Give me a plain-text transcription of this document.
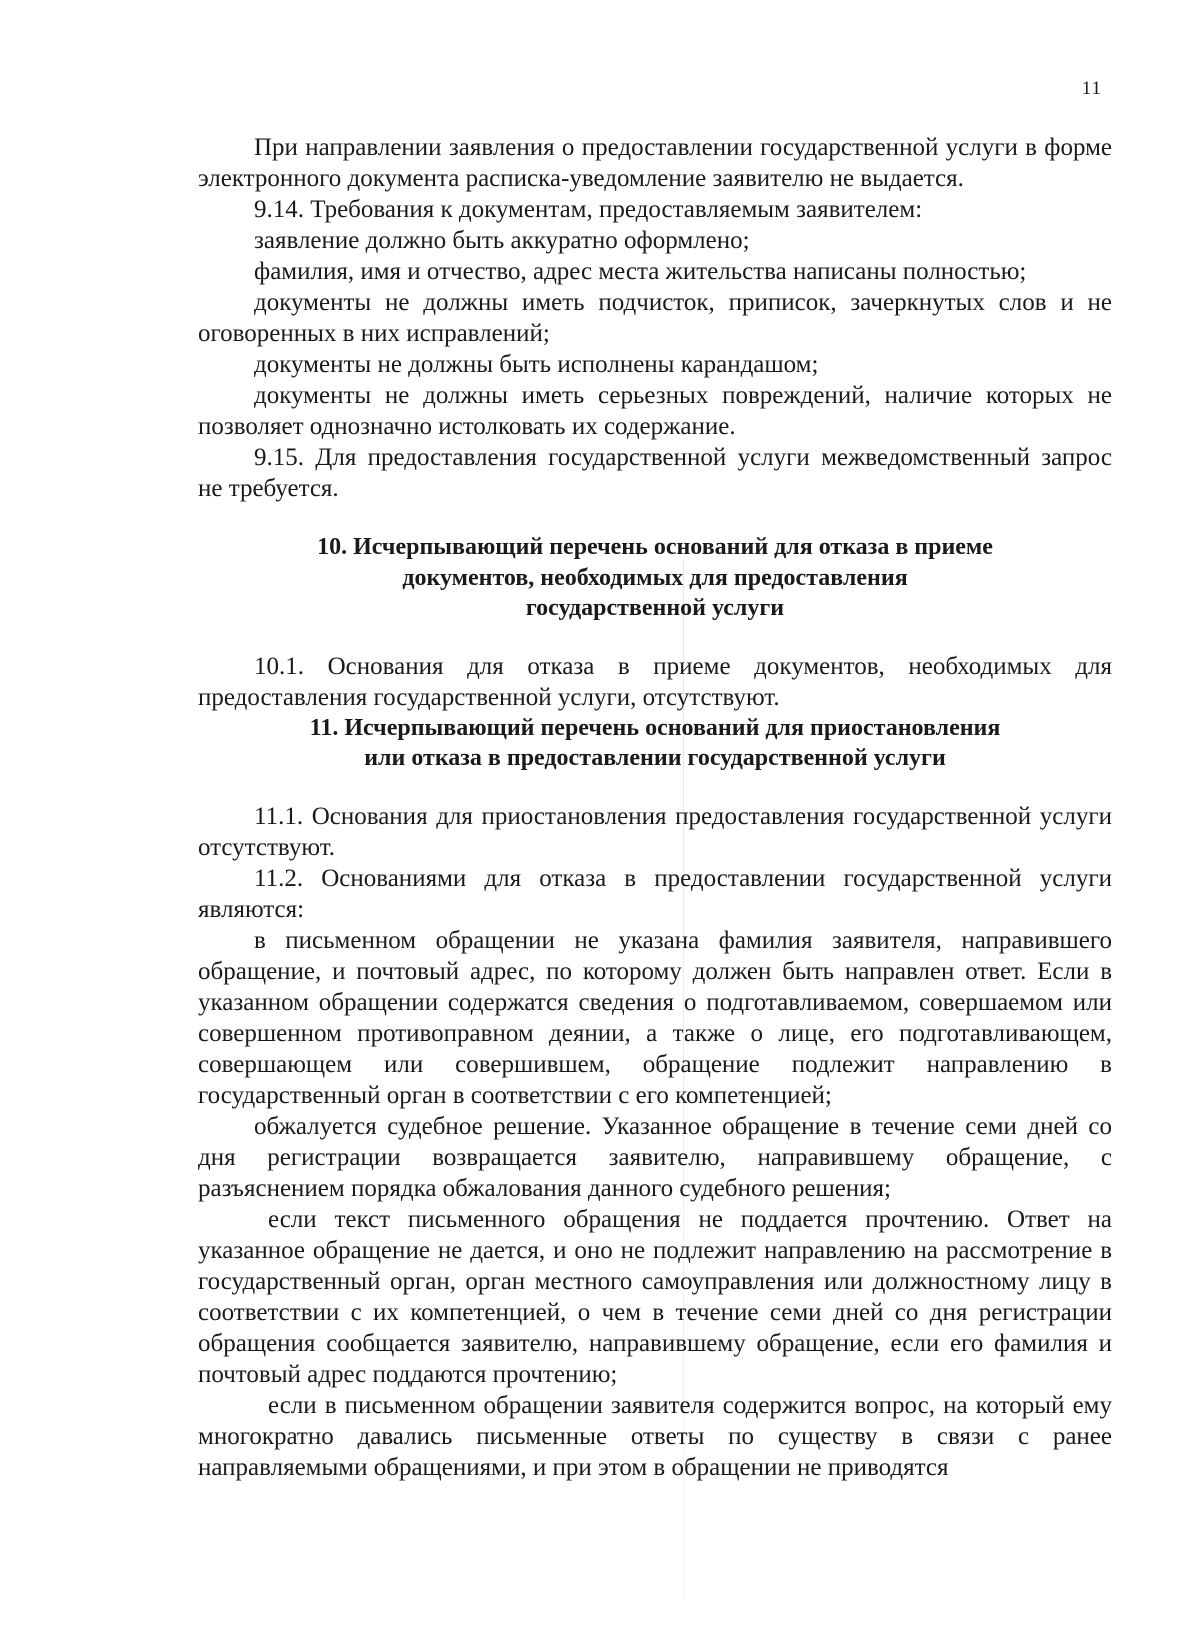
11

При направлении заявления о предоставлении государственной услуги в форме электронного документа расписка-уведомление заявителю не выдается.

9.14. Требования к документам, предоставляемым заявителем:

заявление должно быть аккуратно оформлено;

фамилия, имя и отчество, адрес места жительства написаны полностью;

документы не должны иметь подчисток, приписок, зачеркнутых слов и не оговоренных в них исправлений;

документы не должны быть исполнены карандашом;

документы не должны иметь серьезных повреждений, наличие которых не позволяет однозначно истолковать их содержание.

9.15. Для предоставления государственной услуги межведомственный запрос не требуется.

10. Исчерпывающий перечень оснований для отказа в приеме
документов, необходимых для предоставления
государственной услуги

10.1. Основания для отказа в приеме документов, необходимых для предоставления государственной услуги, отсутствуют.

11. Исчерпывающий перечень оснований для приостановления
или отказа в предоставлении государственной услуги

11.1. Основания для приостановления предоставления государственной услуги отсутствуют.

11.2. Основаниями для отказа в предоставлении государственной услуги являются:

в письменном обращении не указана фамилия заявителя, направившего обращение, и почтовый адрес, по которому должен быть направлен ответ. Если в указанном обращении содержатся сведения о подготавливаемом, совершаемом или совершенном противоправном деянии, а также о лице, его подготавливающем, совершающем или совершившем, обращение подлежит направлению в государственный орган в соответствии с его компетенцией;

обжалуется судебное решение. Указанное обращение в течение семи дней со дня регистрации возвращается заявителю, направившему обращение, с разъяснением порядка обжалования данного судебного решения;

если текст письменного обращения не поддается прочтению. Ответ на указанное обращение не дается, и оно не подлежит направлению на рассмотрение в государственный орган, орган местного самоуправления или должностному лицу в соответствии с их компетенцией, о чем в течение семи дней со дня регистрации обращения сообщается заявителю, направившему обращение, если его фамилия и почтовый адрес поддаются прочтению;

если в письменном обращении заявителя содержится вопрос, на который ему многократно давались письменные ответы по существу в связи с ранее направляемыми обращениями, и при этом в обращении не приводятся
